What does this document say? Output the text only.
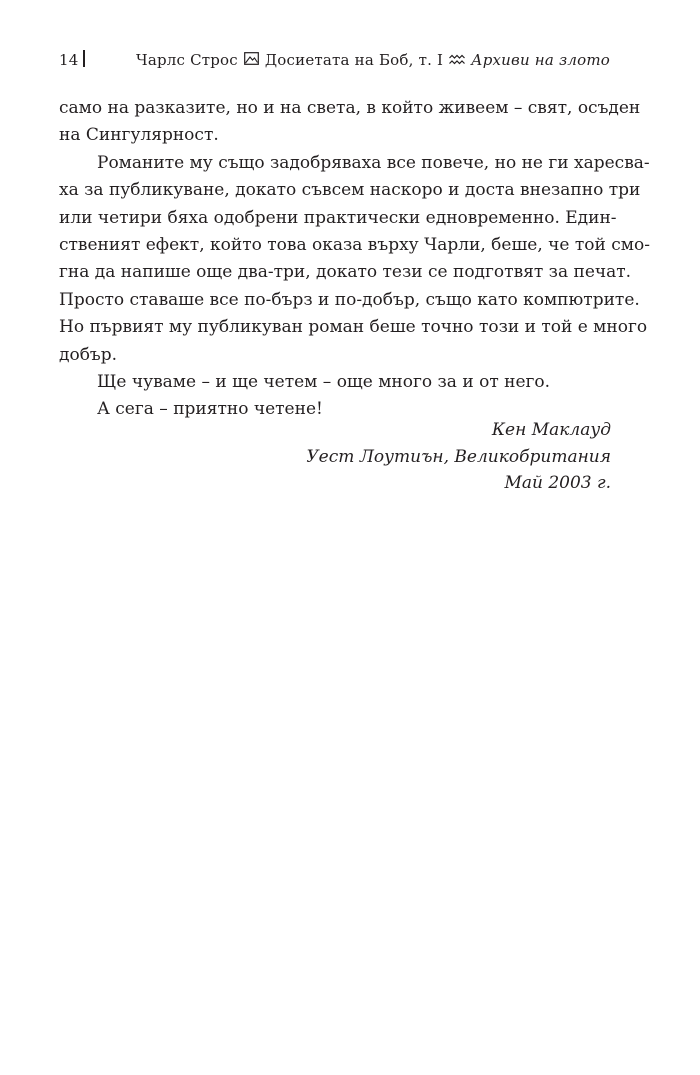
14	Чарлс Строс Досиетата на Боб, т. I Архиви на злото
само на разказите, но и на света, в който живеем – свят, осъден
на Сингулярност.
Романите му също задобряваха все повече, но не ги харесва-
ха за публикуване, докато съвсем наскоро и доста внезапно три
или четири бяха одобрени практически едновременно. Един-
ственият ефект, който това оказа върху Чарли, беше, че той смо-
гна да напише още два-три, докато тези се подготвят за печат.
Просто ставаше все по-бърз и по-добър, също като компютрите.
Но първият му публикуван роман беше точно този и той е много
добър.
Ще чуваме – и ще четем – още много за и от него.
А сега – приятно четене!
Кен Маклауд
Уест Лоутиън, Великобритания
Май 2003 г.
